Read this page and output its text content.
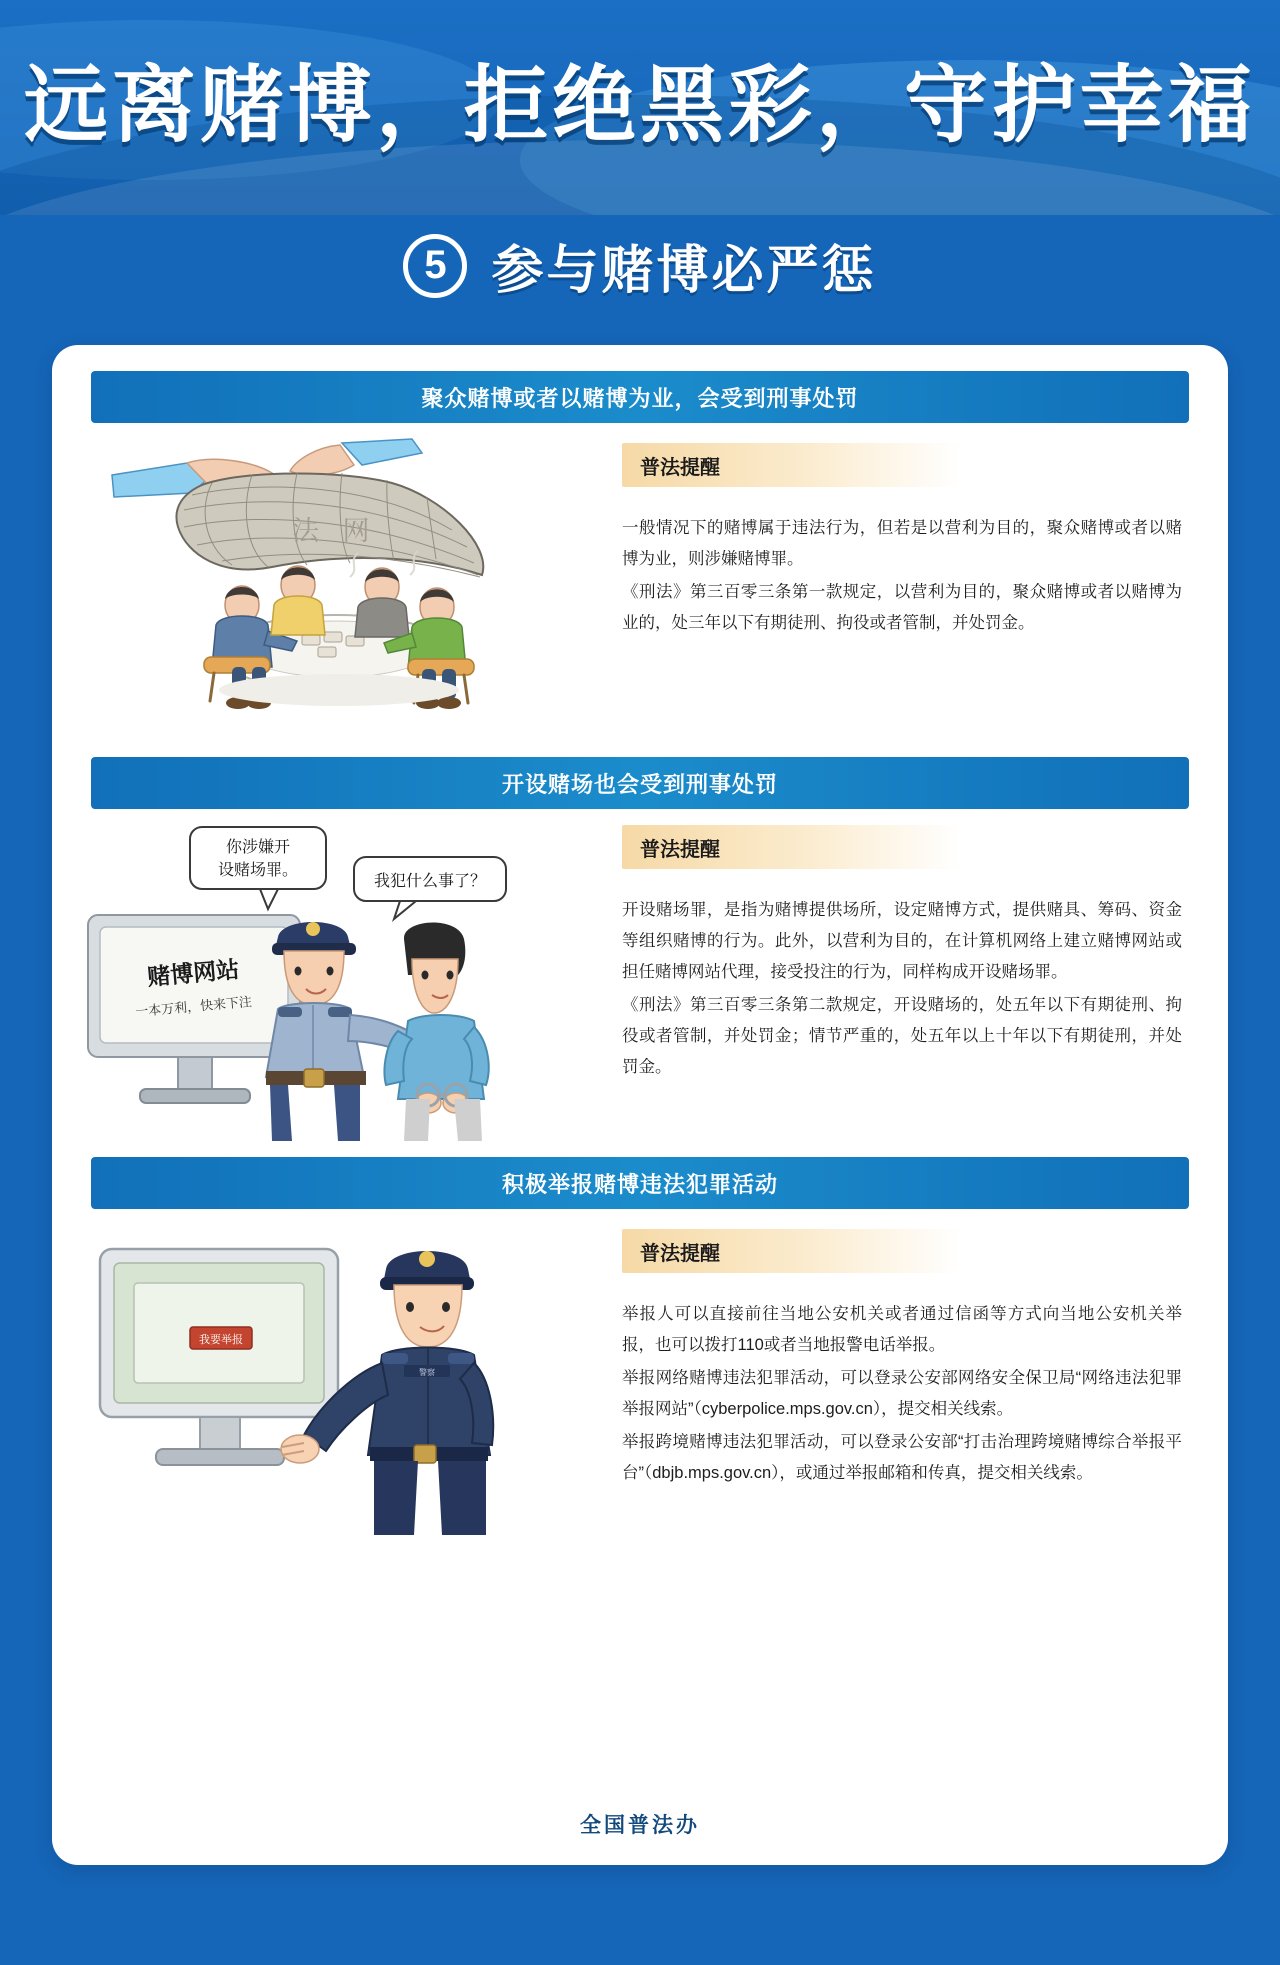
远离赌博，拒绝黑彩，守护幸福
5 参与赌博必严惩
聚众赌博或者以赌博为业，会受到刑事处罚
法 网
普法提醒

一般情况下的赌博属于违法行为，但若是以营利为目的，聚众赌博或者以赌博为业，则涉嫌赌博罪。

《刑法》第三百零三条第一款规定，以营利为目的，聚众赌博或者以赌博为业的，处三年以下有期徒刑、拘役或者管制，并处罚金。

开设赌场也会受到刑事处罚
你涉嫌开
设赌场罪。
我犯什么事了？
赌博网站
一本万利，快来下注
普法提醒

开设赌场罪，是指为赌博提供场所，设定赌博方式，提供赌具、筹码、资金等组织赌博的行为。此外，以营利为目的，在计算机网络上建立赌博网站或担任赌博网站代理，接受投注的行为，同样构成开设赌场罪。

《刑法》第三百零三条第二款规定，开设赌场的，处五年以下有期徒刑、拘役或者管制，并处罚金；情节严重的，处五年以上十年以下有期徒刑，并处罚金。

积极举报赌博违法犯罪活动
我要举报
警察
普法提醒

举报人可以直接前往当地公安机关或者通过信函等方式向当地公安机关举报，也可以拨打110或者当地报警电话举报。

举报网络赌博违法犯罪活动，可以登录公安部网络安全保卫局“网络违法犯罪举报网站”（cyberpolice.mps.gov.cn），提交相关线索。

举报跨境赌博违法犯罪活动，可以登录公安部“打击治理跨境赌博综合举报平台”（dbjb.mps.gov.cn），或通过举报邮箱和传真，提交相关线索。

全国普法办
